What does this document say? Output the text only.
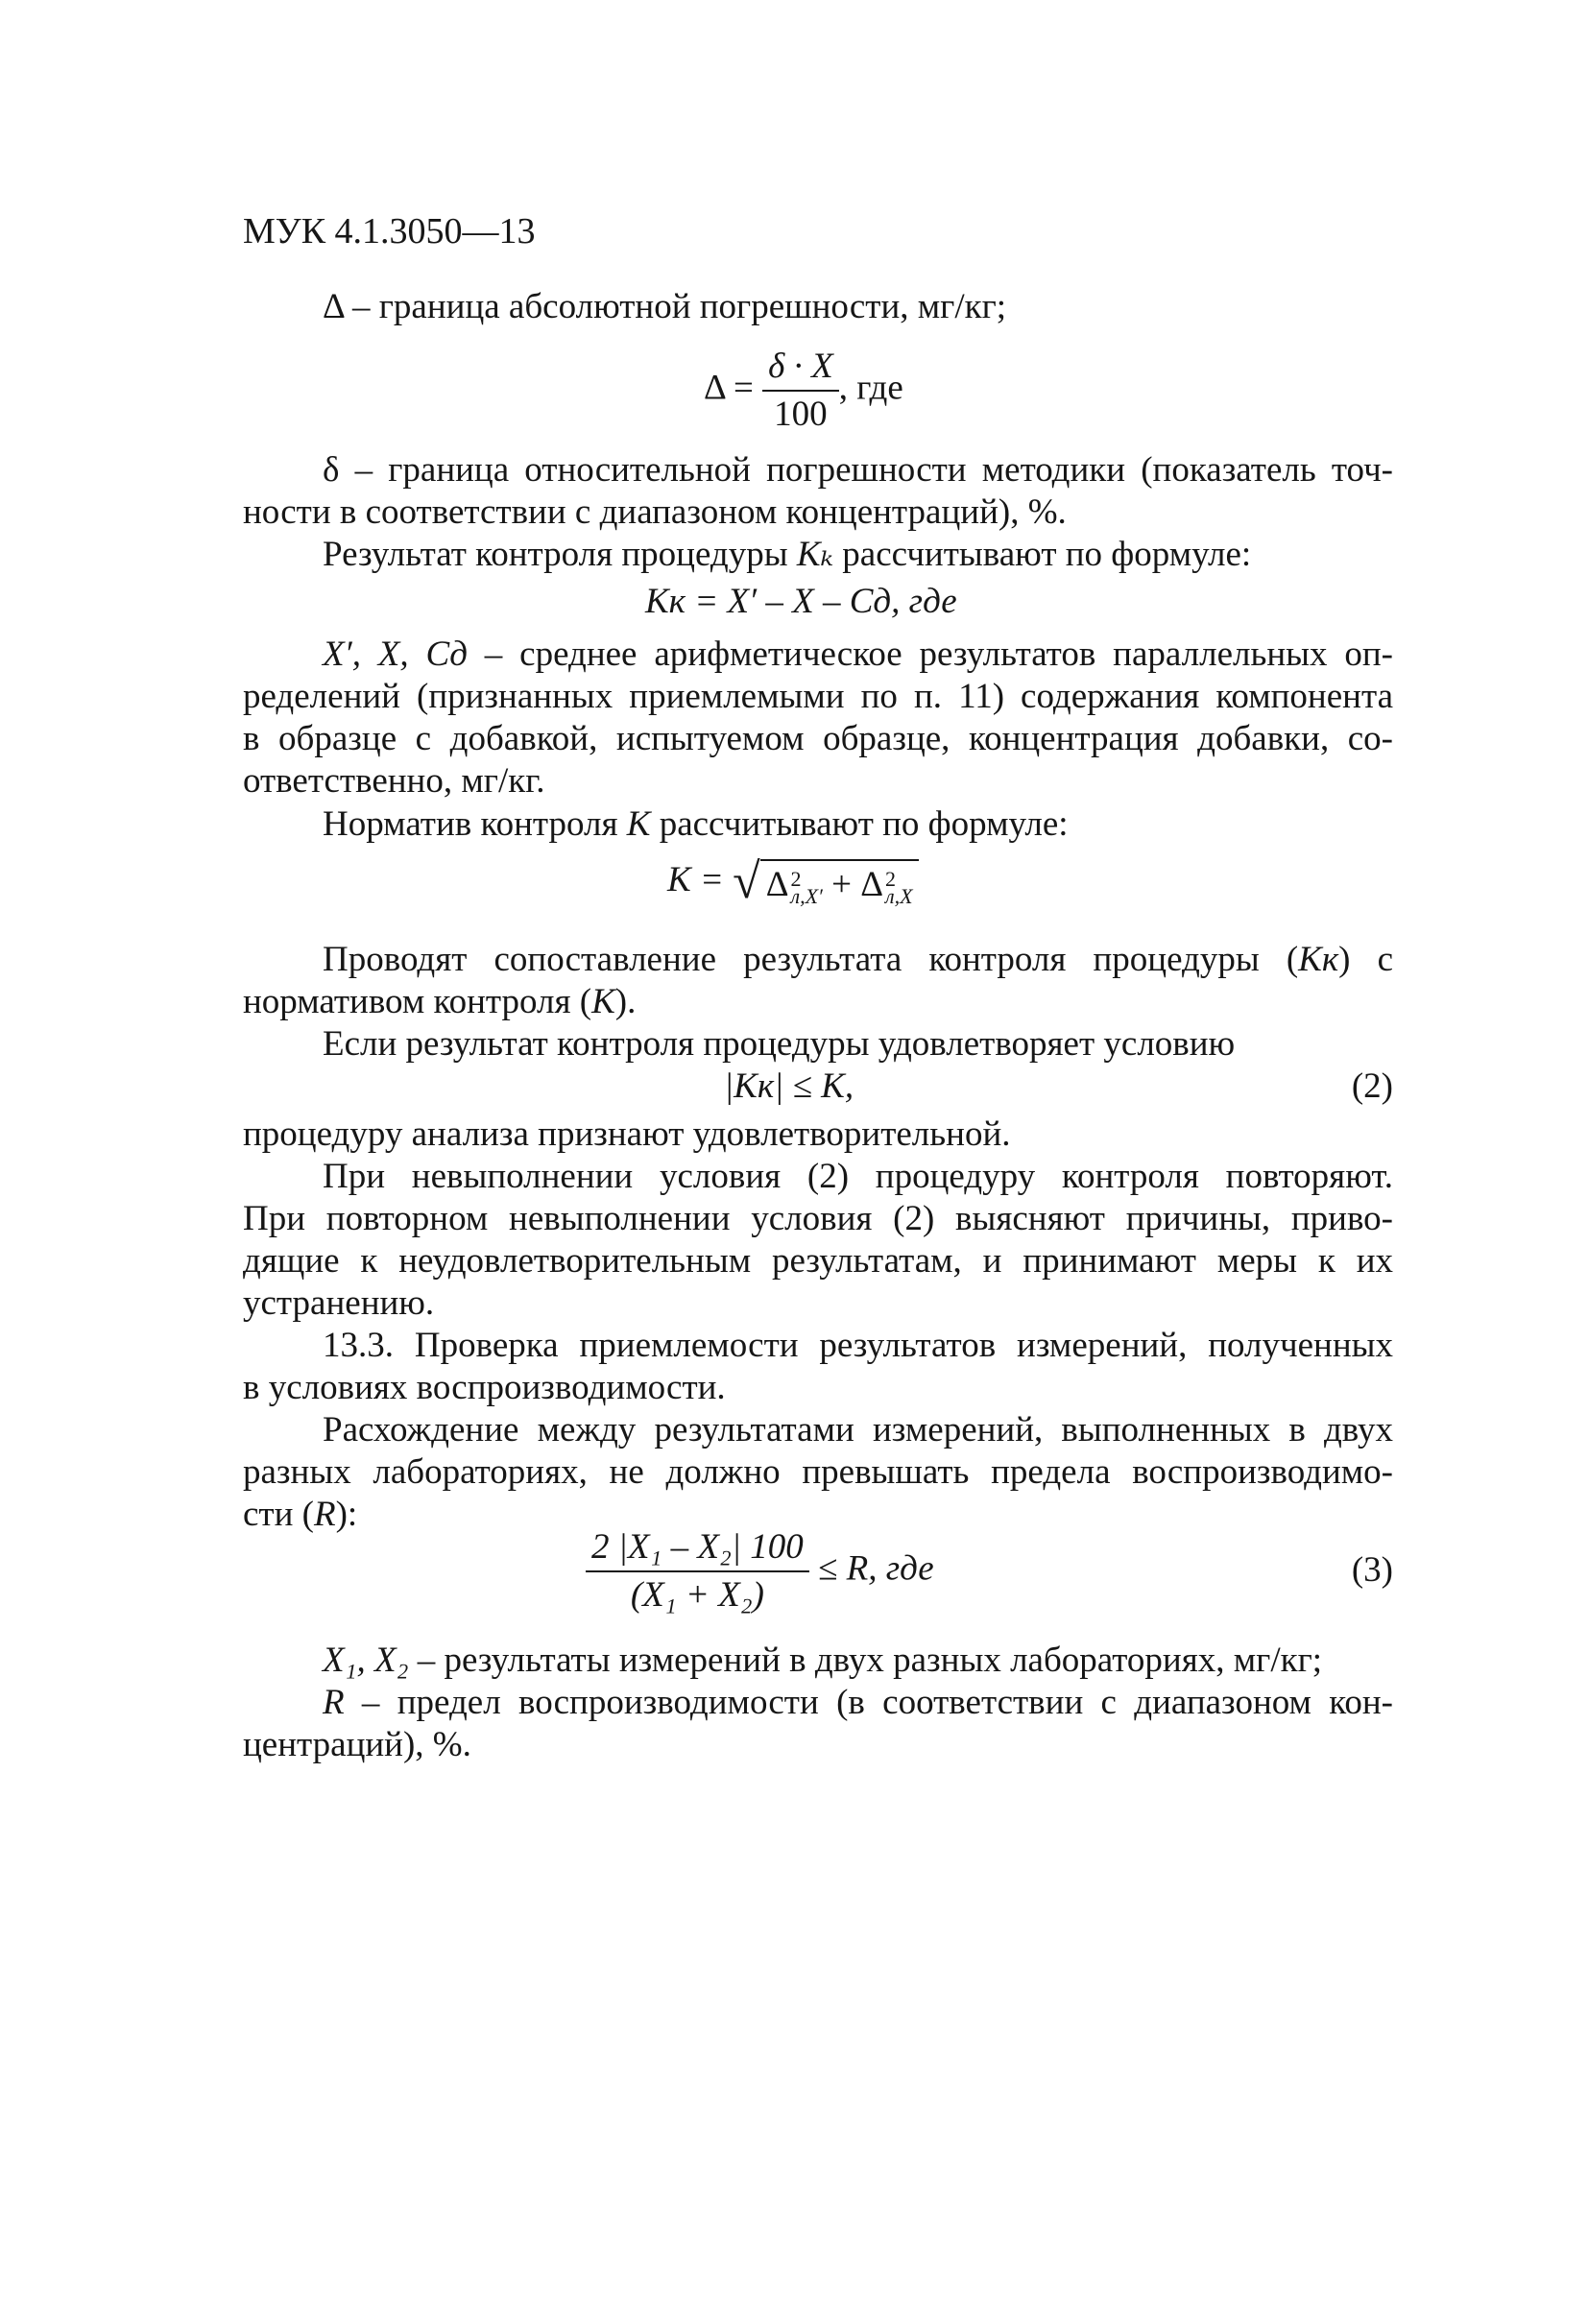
МУК 4.1.3050—13
Δ – граница абсолютной погрешности, мг/кг;
$\Delta = \frac{\delta \cdot X}{100}$ , где
δ – граница относительной погрешности методики (показатель точ-
ности в соответствии с диапазоном концентраций), %.
Результат контроля процедуры Kₖ рассчитывают по формуле:
Kк = X′ – X – Cд, где
X′, X, Cд – среднее арифметическое результатов параллельных оп-
ределений (признанных приемлемыми по п. 11) содержания компонента
в образце с добавкой, испытуемом образце, концентрация добавки, со-
ответственно, мг/кг.
Норматив контроля K рассчитывают по формуле:
K = √ Δ 2
л,X′ + Δ 2
л,X
Проводят сопоставление результата контроля процедуры (Kк) с
нормативом контроля (K).
Если результат контроля процедуры удовлетворяет условию
|Kк| ≤ K,	(2)
процедуру анализа признают удовлетворительной.
При невыполнении условия (2) процедуру контроля повторяют.
При повторном невыполнении условия (2) выясняют причины, приво-
дящие к неудовлетворительным результатам, и принимают меры к их
устранению.
13.3. Проверка приемлемости результатов измерений, полученных
в условиях воспроизводимости.
Расхождение между результатами измерений, выполненных в двух
разных лабораториях, не должно превышать предела воспроизводимо-
сти (R):
$\frac{\text{2 |X₁ – X₂| 100}}{\text{(X₁ + X₂)}} \le R$, где	(3)
X₁, X₂ – результаты измерений в двух разных лабораториях, мг/кг;
R – предел воспроизводимости (в соответствии с диапазоном кон-
центраций), %.
